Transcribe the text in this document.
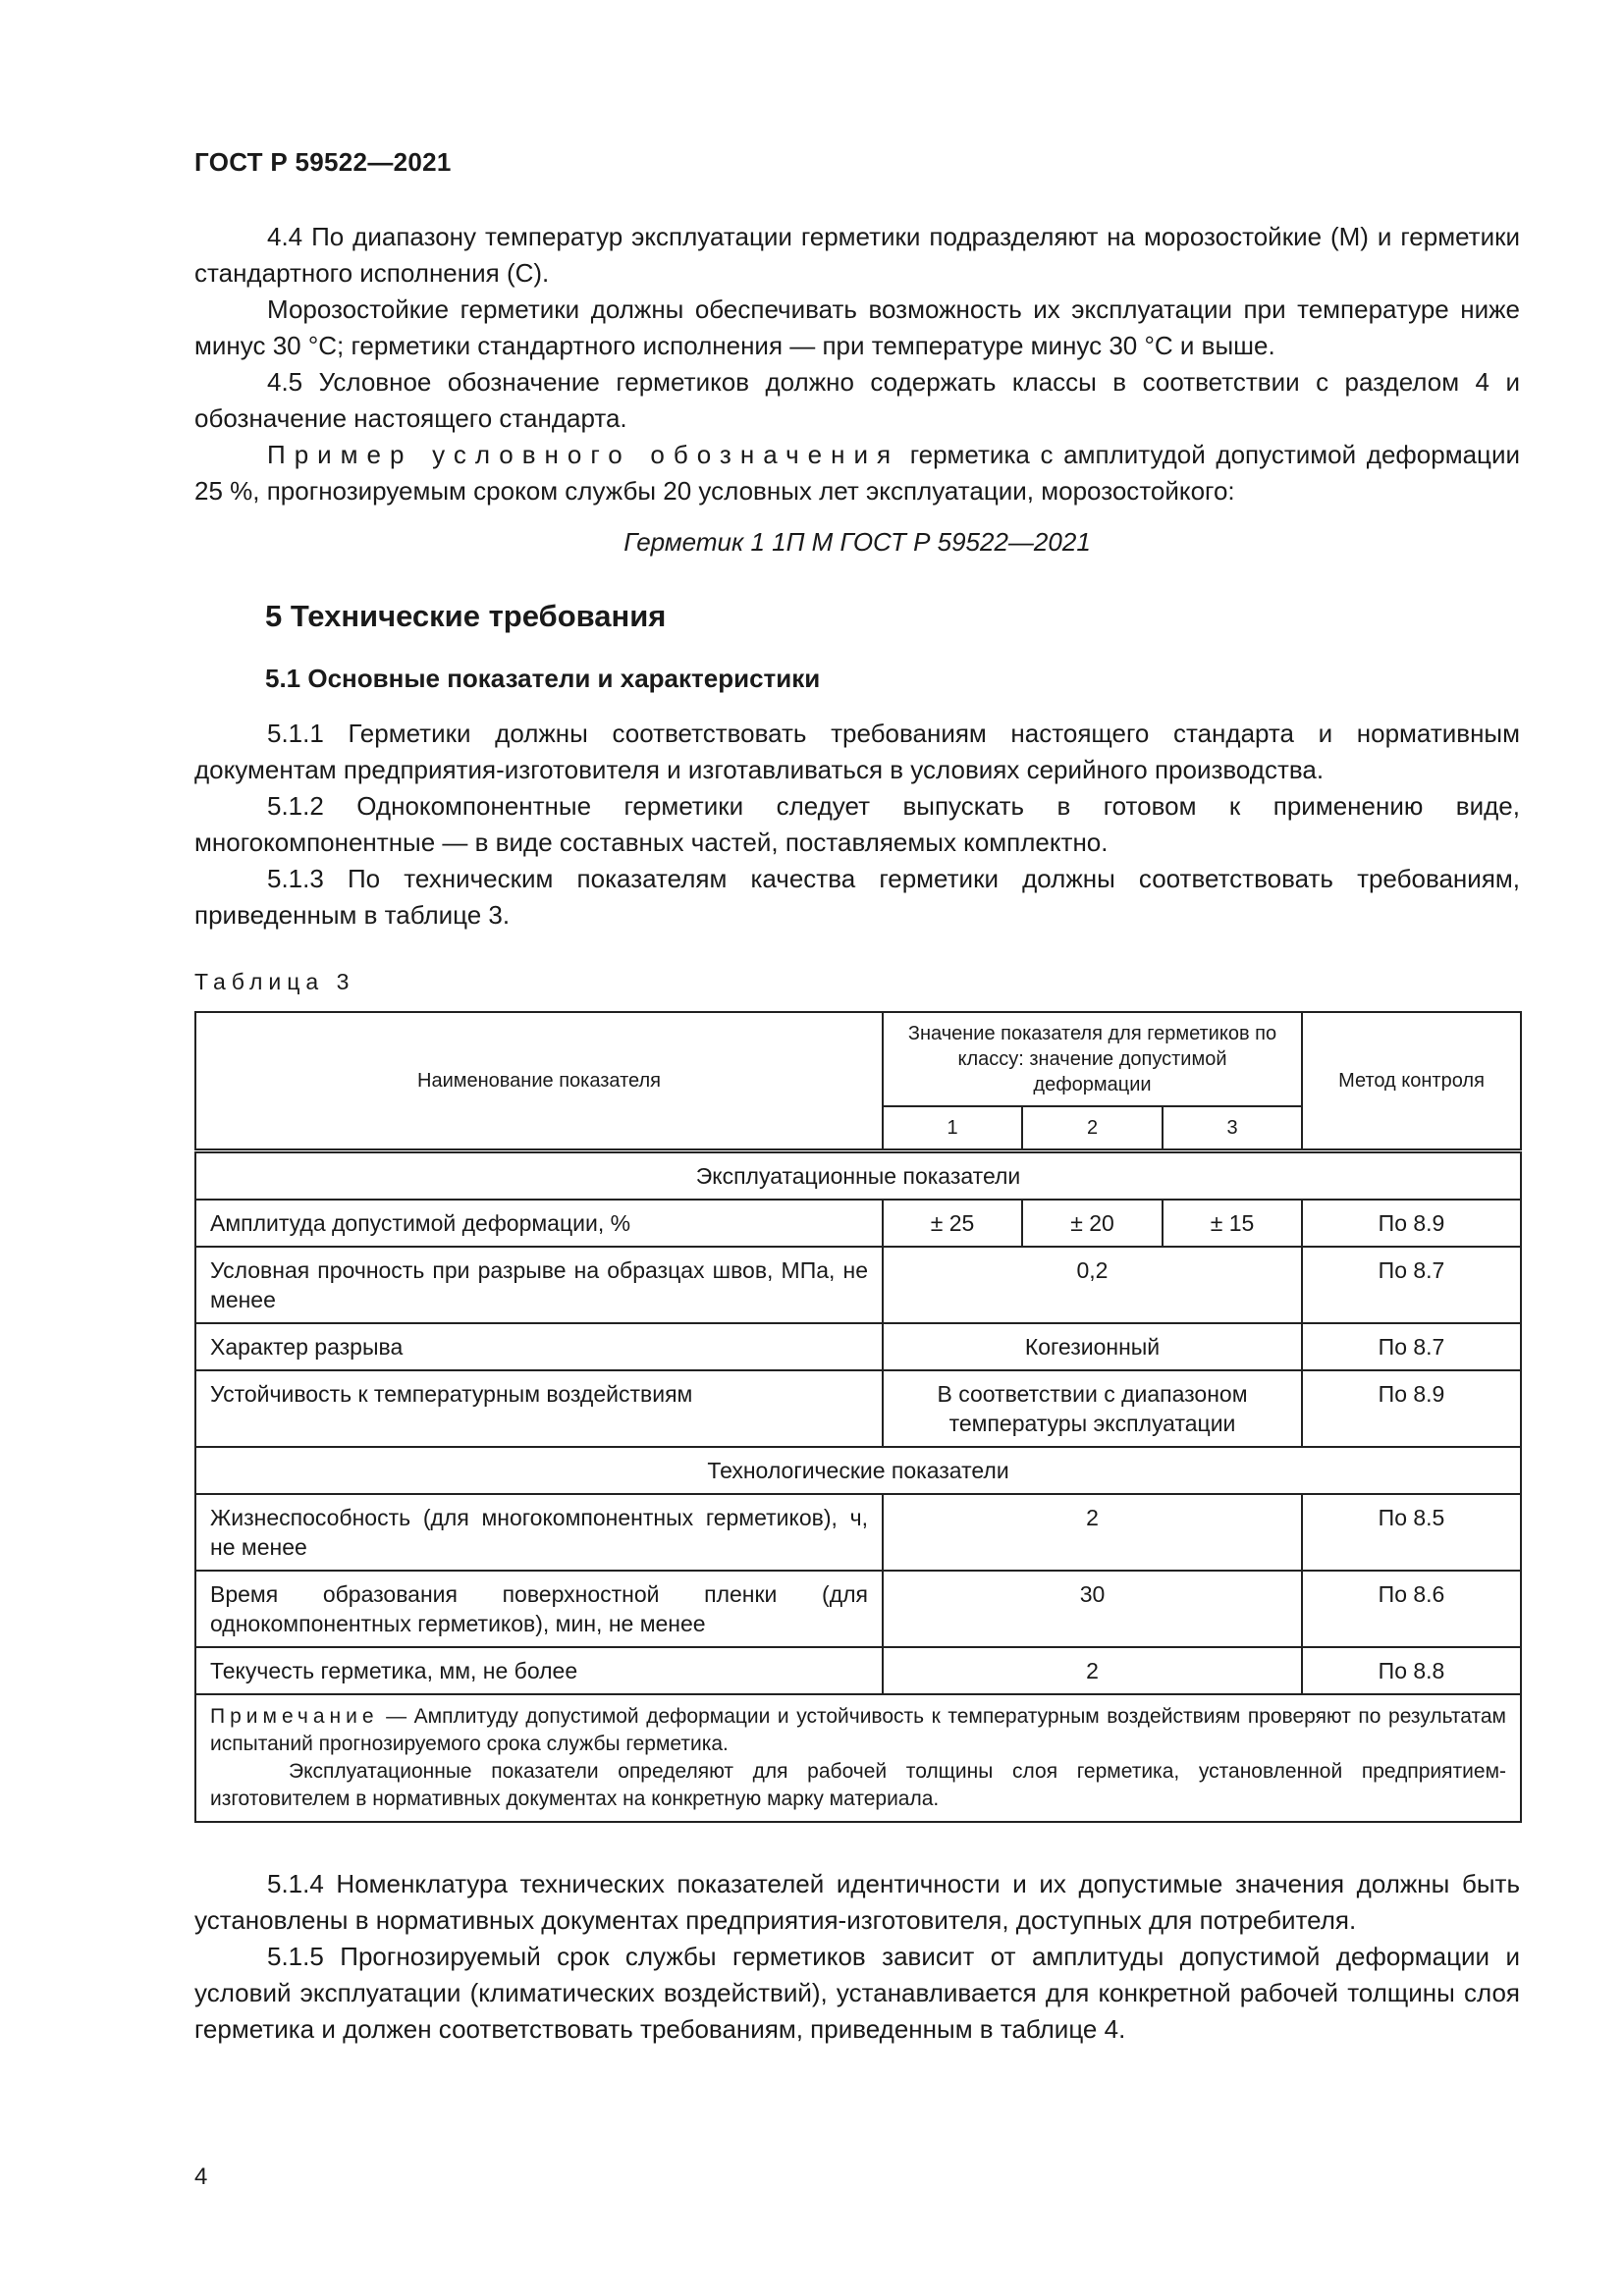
ГОСТ Р 59522—2021

4.4 По диапазону температур эксплуатации герметики подразделяют на морозостойкие (М) и герметики стандартного исполнения (С).

Морозостойкие герметики должны обеспечивать возможность их эксплуатации при температуре ниже минус 30 °С; герметики стандартного исполнения — при температуре минус 30 °С и выше.

4.5 Условное обозначение герметиков должно содержать классы в соответствии с разделом 4 и обозначение настоящего стандарта.

Пример условного обозначения герметика с амплитудой допустимой деформации 25 %, прогнозируемым сроком службы 20 условных лет эксплуатации, морозостойкого:

Герметик 1 1П М ГОСТ Р 59522—2021
5 Технические требования
5.1 Основные показатели и характеристики

5.1.1 Герметики должны соответствовать требованиям настоящего стандарта и нормативным документам предприятия-изготовителя и изготавливаться в условиях серийного производства.

5.1.2 Однокомпонентные герметики следует выпускать в готовом к применению виде, многокомпонентные — в виде составных частей, поставляемых комплектно.

5.1.3 По техническим показателям качества герметики должны соответствовать требованиям, приведенным в таблице 3.

Таблица 3
Наименование показателя	Значение показателя для герметиков по классу: значение допустимой деформации			Метод контроля
	1	2	3	
Эксплуатационные показатели				
Амплитуда допустимой деформации, %	± 25	± 20	± 15	По 8.9
Условная прочность при разрыве на образцах швов, МПа, не менее	0,2			По 8.7
Характер разрыва	Когезионный			По 8.7
Устойчивость к температурным воздействиям	В соответствии с диапазоном температуры эксплуатации			По 8.9
Технологические показатели				
Жизнеспособность (для многокомпонентных герметиков), ч, не менее	2			По 8.5
Время образования поверхностной пленки (для однокомпонентных герметиков), мин, не менее	30			По 8.6
Текучесть герметика, мм, не более	2			По 8.8
Примечание — Амплитуду допустимой деформации и устойчивость к температурным воздействиям проверяют по результатам испытаний прогнозируемого срока службы герметика.
Эксплуатационные показатели определяют для рабочей толщины слоя герметика, установленной предприятием-изготовителем в нормативных документах на конкретную марку материала.				

5.1.4 Номенклатура технических показателей идентичности и их допустимые значения должны быть установлены в нормативных документах предприятия-изготовителя, доступных для потребителя.

5.1.5 Прогнозируемый срок службы герметиков зависит от амплитуды допустимой деформации и условий эксплуатации (климатических воздействий), устанавливается для конкретной рабочей толщины слоя герметика и должен соответствовать требованиям, приведенным в таблице 4.

4
